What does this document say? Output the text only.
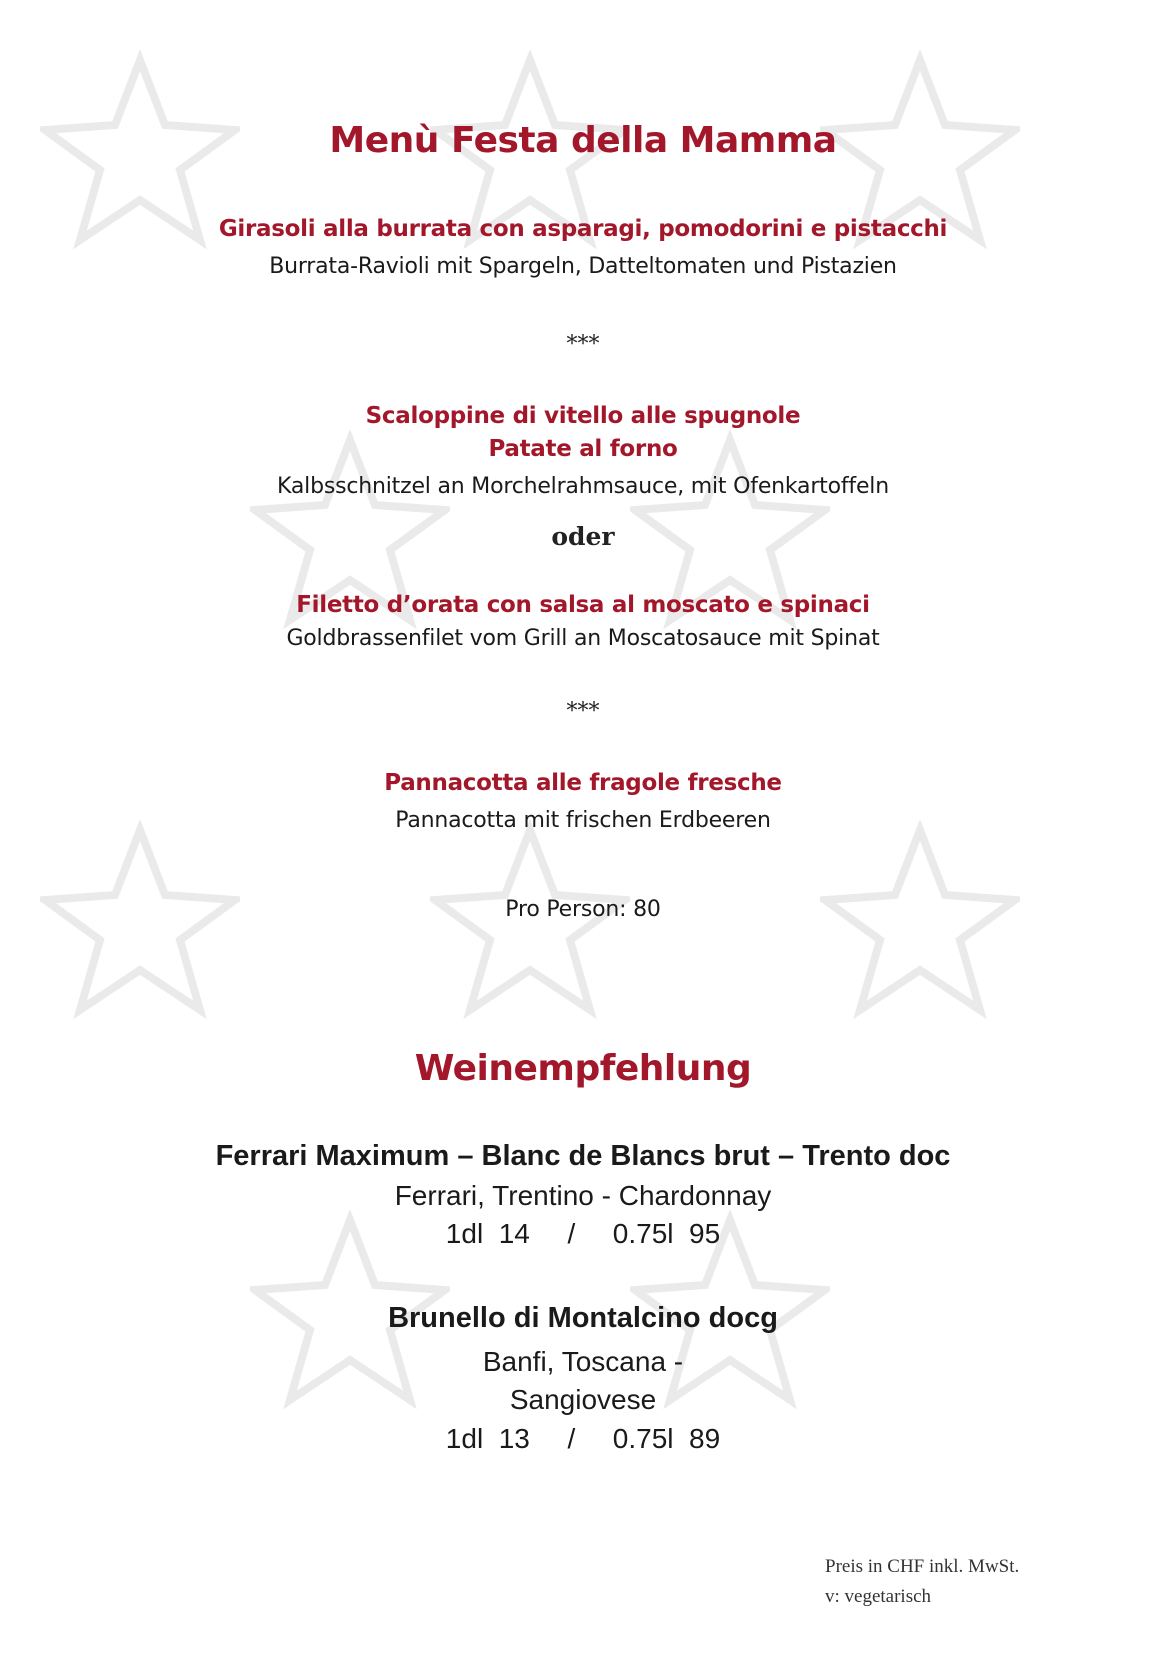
Menù Festa della Mamma
Girasoli alla burrata con asparagi, pomodorini e pistacchi
Burrata-Ravioli mit Spargeln, Datteltomaten und Pistazien
***
Scaloppine di vitello alle spugnole
Patate al forno
Kalbsschnitzel an Morchelrahmsauce, mit Ofenkartoffeln
oder
Filetto d’orata con salsa al moscato e spinaci
Goldbrassenfilet vom Grill an Moscatosauce mit Spinat
***
Pannacotta alle fragole fresche
Pannacotta mit frischen Erdbeeren
Pro Person: 80
Weinempfehlung
Ferrari Maximum – Blanc de Blancs brut – Trento doc
Ferrari, Trentino - Chardonnay
1dl  14 / 0.75l  95
Brunello di Montalcino docg
Banfi, Toscana -
Sangiovese
1dl  13 / 0.75l  89
Preis in CHF inkl. MwSt.
v: vegetarisch
